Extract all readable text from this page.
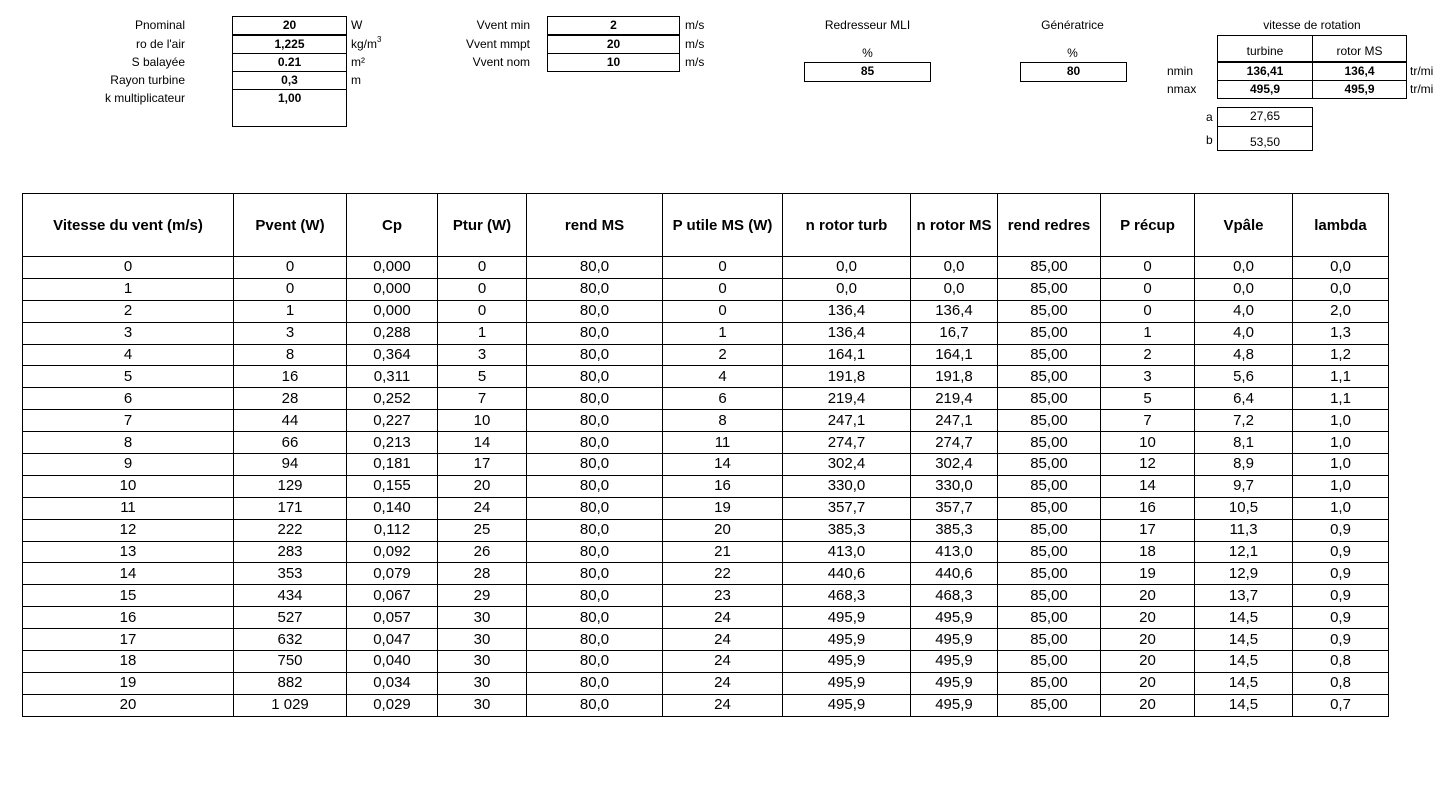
Pnominal	20	W
ro de l'air	1,225	$kg/m^3$
S balayée	0.21	m²
Rayon turbine	0,3	m
k multiplicateur	1,00
Vvent min	2	m/s
Vvent mmpt	20	m/s
Vvent nom	10	m/s
Redresseur MLI
%
85
Génératrice
%
80
vitesse de rotation
turbine	rotor MS
nmin	136,41	136,4	tr/mi
nmax	495,9	495,9	tr/mi
a	27,65
b	53,50
Vitesse du vent (m/s)	Pvent (W)	Cp	Ptur (W)	rend MS	P utile MS (W)	n rotor turb	n rotor MS	rend redres	P récup	Vpâle	lambda
0	0	0,000	0	80,0	0	0,0	0,0	85,00	0	0,0	0,0
1	0	0,000	0	80,0	0	0,0	0,0	85,00	0	0,0	0,0
2	1	0,000	0	80,0	0	136,4	136,4	85,00	0	4,0	2,0
3	3	0,288	1	80,0	1	136,4	16,7	85,00	1	4,0	1,3
4	8	0,364	3	80,0	2	164,1	164,1	85,00	2	4,8	1,2
5	16	0,311	5	80,0	4	191,8	191,8	85,00	3	5,6	1,1
6	28	0,252	7	80,0	6	219,4	219,4	85,00	5	6,4	1,1
7	44	0,227	10	80,0	8	247,1	247,1	85,00	7	7,2	1,0
8	66	0,213	14	80,0	11	274,7	274,7	85,00	10	8,1	1,0
9	94	0,181	17	80,0	14	302,4	302,4	85,00	12	8,9	1,0
10	129	0,155	20	80,0	16	330,0	330,0	85,00	14	9,7	1,0
11	171	0,140	24	80,0	19	357,7	357,7	85,00	16	10,5	1,0
12	222	0,112	25	80,0	20	385,3	385,3	85,00	17	11,3	0,9
13	283	0,092	26	80,0	21	413,0	413,0	85,00	18	12,1	0,9
14	353	0,079	28	80,0	22	440,6	440,6	85,00	19	12,9	0,9
15	434	0,067	29	80,0	23	468,3	468,3	85,00	20	13,7	0,9
16	527	0,057	30	80,0	24	495,9	495,9	85,00	20	14,5	0,9
17	632	0,047	30	80,0	24	495,9	495,9	85,00	20	14,5	0,9
18	750	0,040	30	80,0	24	495,9	495,9	85,00	20	14,5	0,8
19	882	0,034	30	80,0	24	495,9	495,9	85,00	20	14,5	0,8
20	1 029	0,029	30	80,0	24	495,9	495,9	85,00	20	14,5	0,7
